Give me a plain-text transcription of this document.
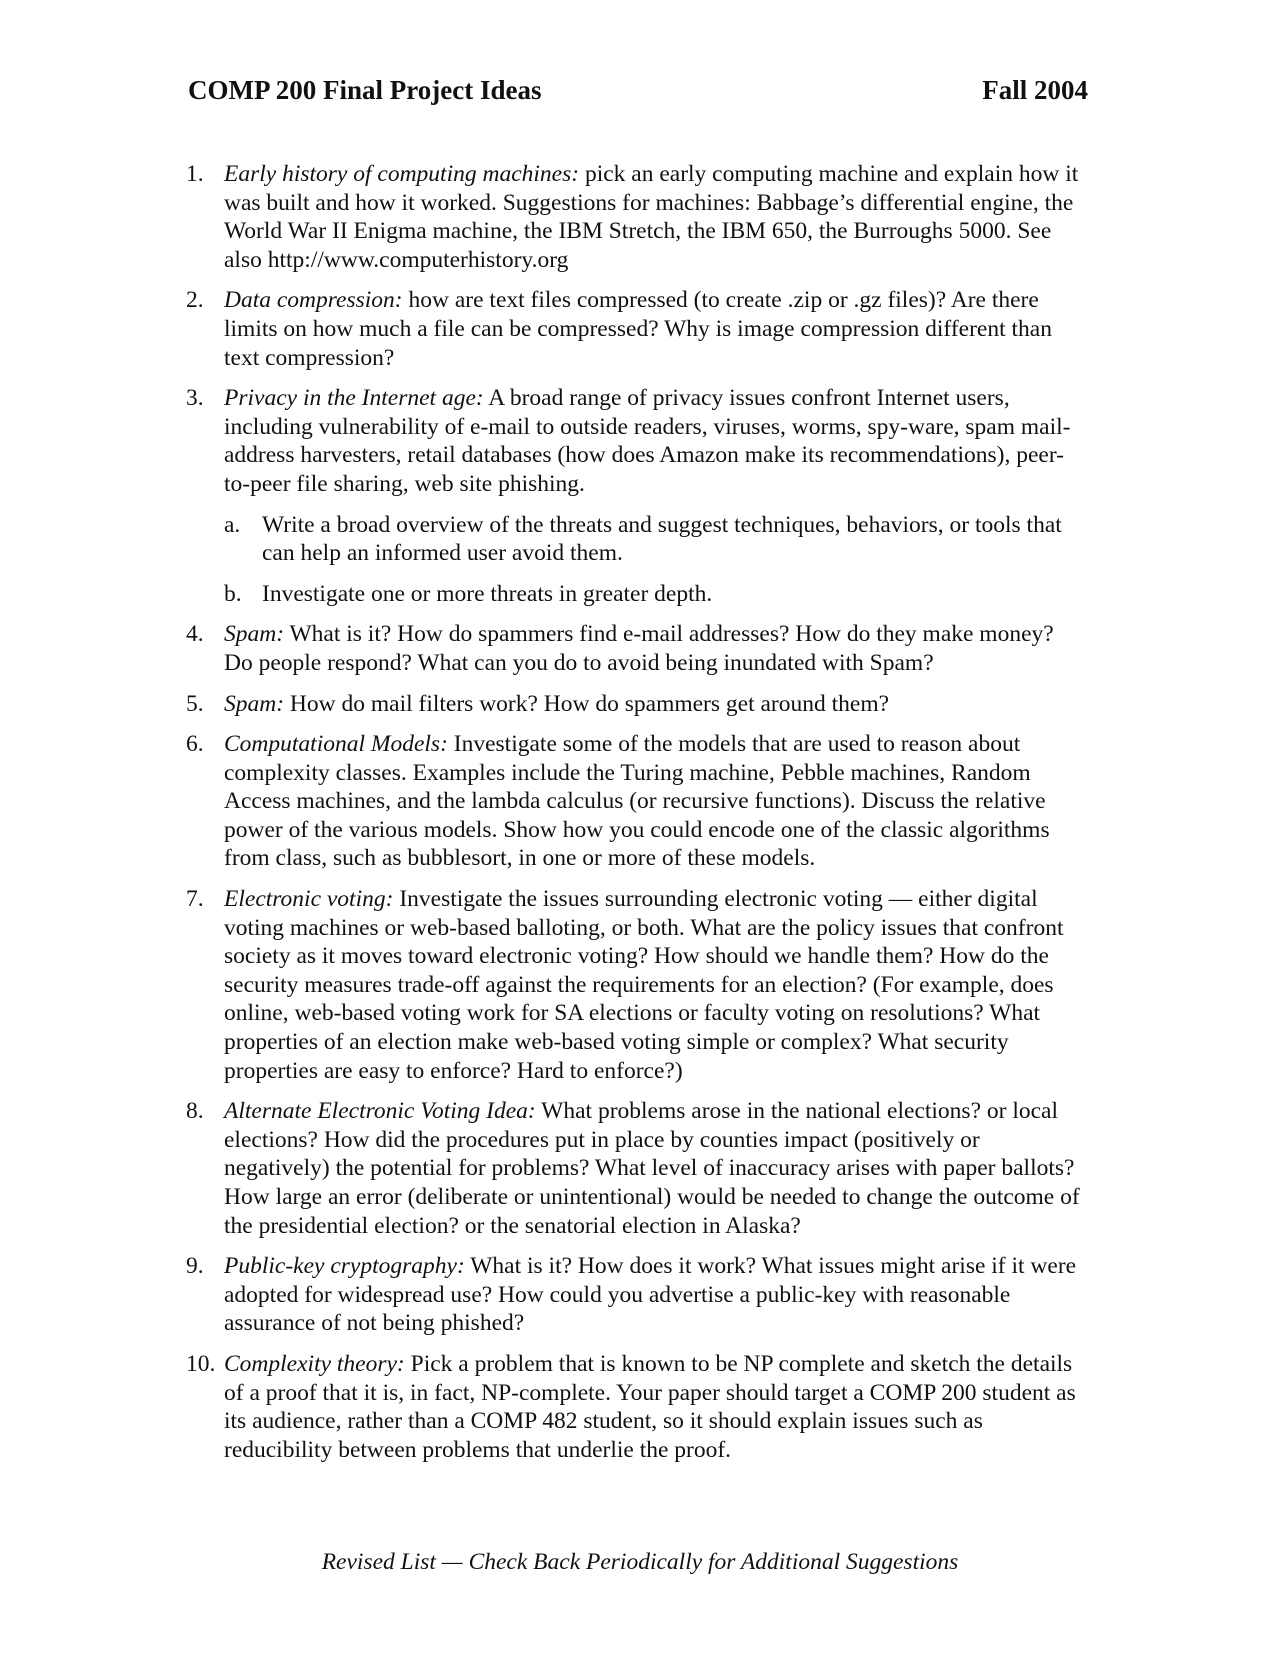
COMP 200 Final Project Ideas	Fall 2004
1. Early history of computing machines: pick an early computing machine and explain how it was built and how it worked. Suggestions for machines: Babbage’s differential engine, the World War II Enigma machine, the IBM Stretch, the IBM 650, the Burroughs 5000. See also http://www.computerhistory.org
2. Data compression: how are text files compressed (to create .zip or .gz files)? Are there limits on how much a file can be compressed? Why is image compression different than text compression?
3. Privacy in the Internet age: A broad range of privacy issues confront Internet users, including vulnerability of e-mail to outside readers, viruses, worms, spy-ware, spam mail-address harvesters, retail databases (how does Amazon make its recommendations), peer-to-peer file sharing, web site phishing.
a. Write a broad overview of the threats and suggest techniques, behaviors, or tools that can help an informed user avoid them.
b. Investigate one or more threats in greater depth.
4. Spam: What is it? How do spammers find e-mail addresses? How do they make money? Do people respond? What can you do to avoid being inundated with Spam?
5. Spam: How do mail filters work? How do spammers get around them?
6. Computational Models: Investigate some of the models that are used to reason about complexity classes. Examples include the Turing machine, Pebble machines, Random Access machines, and the lambda calculus (or recursive functions). Discuss the relative power of the various models. Show how you could encode one of the classic algorithms from class, such as bubblesort, in one or more of these models.
7. Electronic voting: Investigate the issues surrounding electronic voting — either digital voting machines or web-based balloting, or both. What are the policy issues that confront society as it moves toward electronic voting? How should we handle them? How do the security measures trade-off against the requirements for an election? (For example, does online, web-based voting work for SA elections or faculty voting on resolutions? What properties of an election make web-based voting simple or complex? What security properties are easy to enforce? Hard to enforce?)
8. Alternate Electronic Voting Idea: What problems arose in the national elections? or local elections? How did the procedures put in place by counties impact (positively or negatively) the potential for problems? What level of inaccuracy arises with paper ballots? How large an error (deliberate or unintentional) would be needed to change the outcome of the presidential election? or the senatorial election in Alaska?
9. Public-key cryptography: What is it? How does it work? What issues might arise if it were adopted for widespread use? How could you advertise a public-key with reasonable assurance of not being phished?
10. Complexity theory: Pick a problem that is known to be NP complete and sketch the details of a proof that it is, in fact, NP-complete. Your paper should target a COMP 200 student as its audience, rather than a COMP 482 student, so it should explain issues such as reducibility between problems that underlie the proof.
Revised List — Check Back Periodically for Additional Suggestions
